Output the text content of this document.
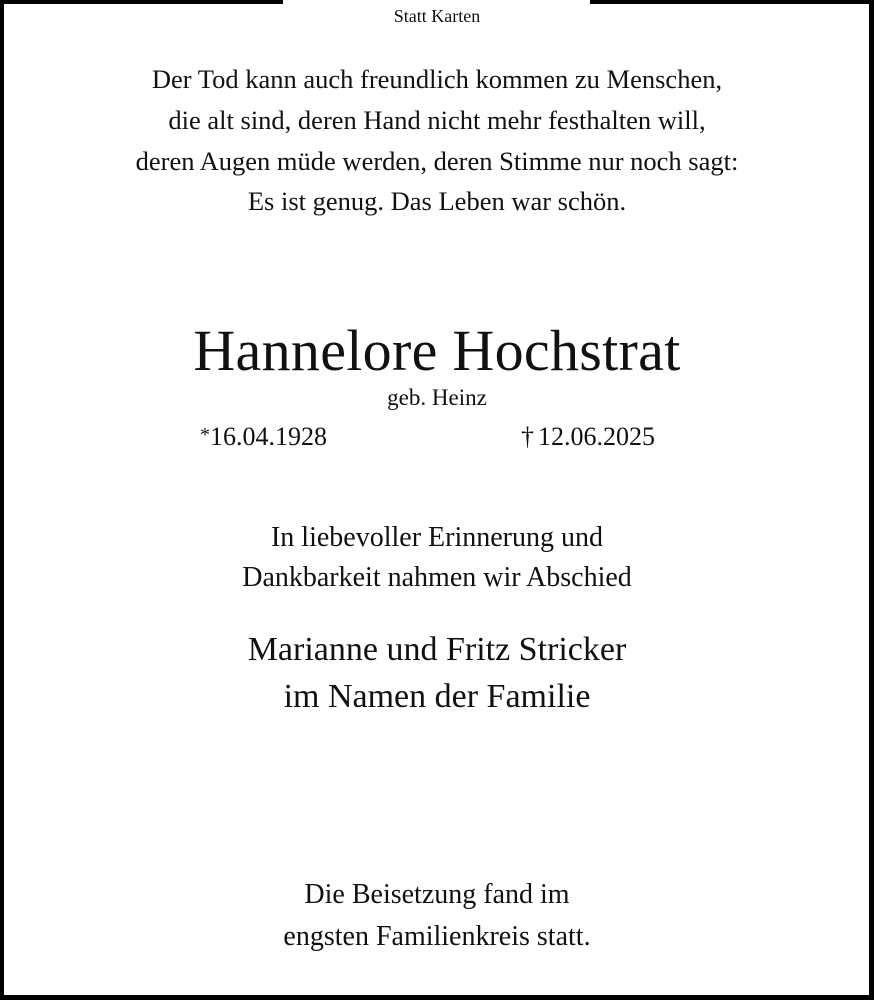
Statt Karten
Der Tod kann auch freundlich kommen zu Menschen,
die alt sind, deren Hand nicht mehr festhalten will,
deren Augen müde werden, deren Stimme nur noch sagt:
Es ist genug. Das Leben war schön.
Hannelore Hochstrat
geb. Heinz
*16.04.1928	† 12.06.2025
In liebevoller Erinnerung und
Dankbarkeit nahmen wir Abschied
Marianne und Fritz Stricker
im Namen der Familie
Die Beisetzung fand im
engsten Familienkreis statt.
